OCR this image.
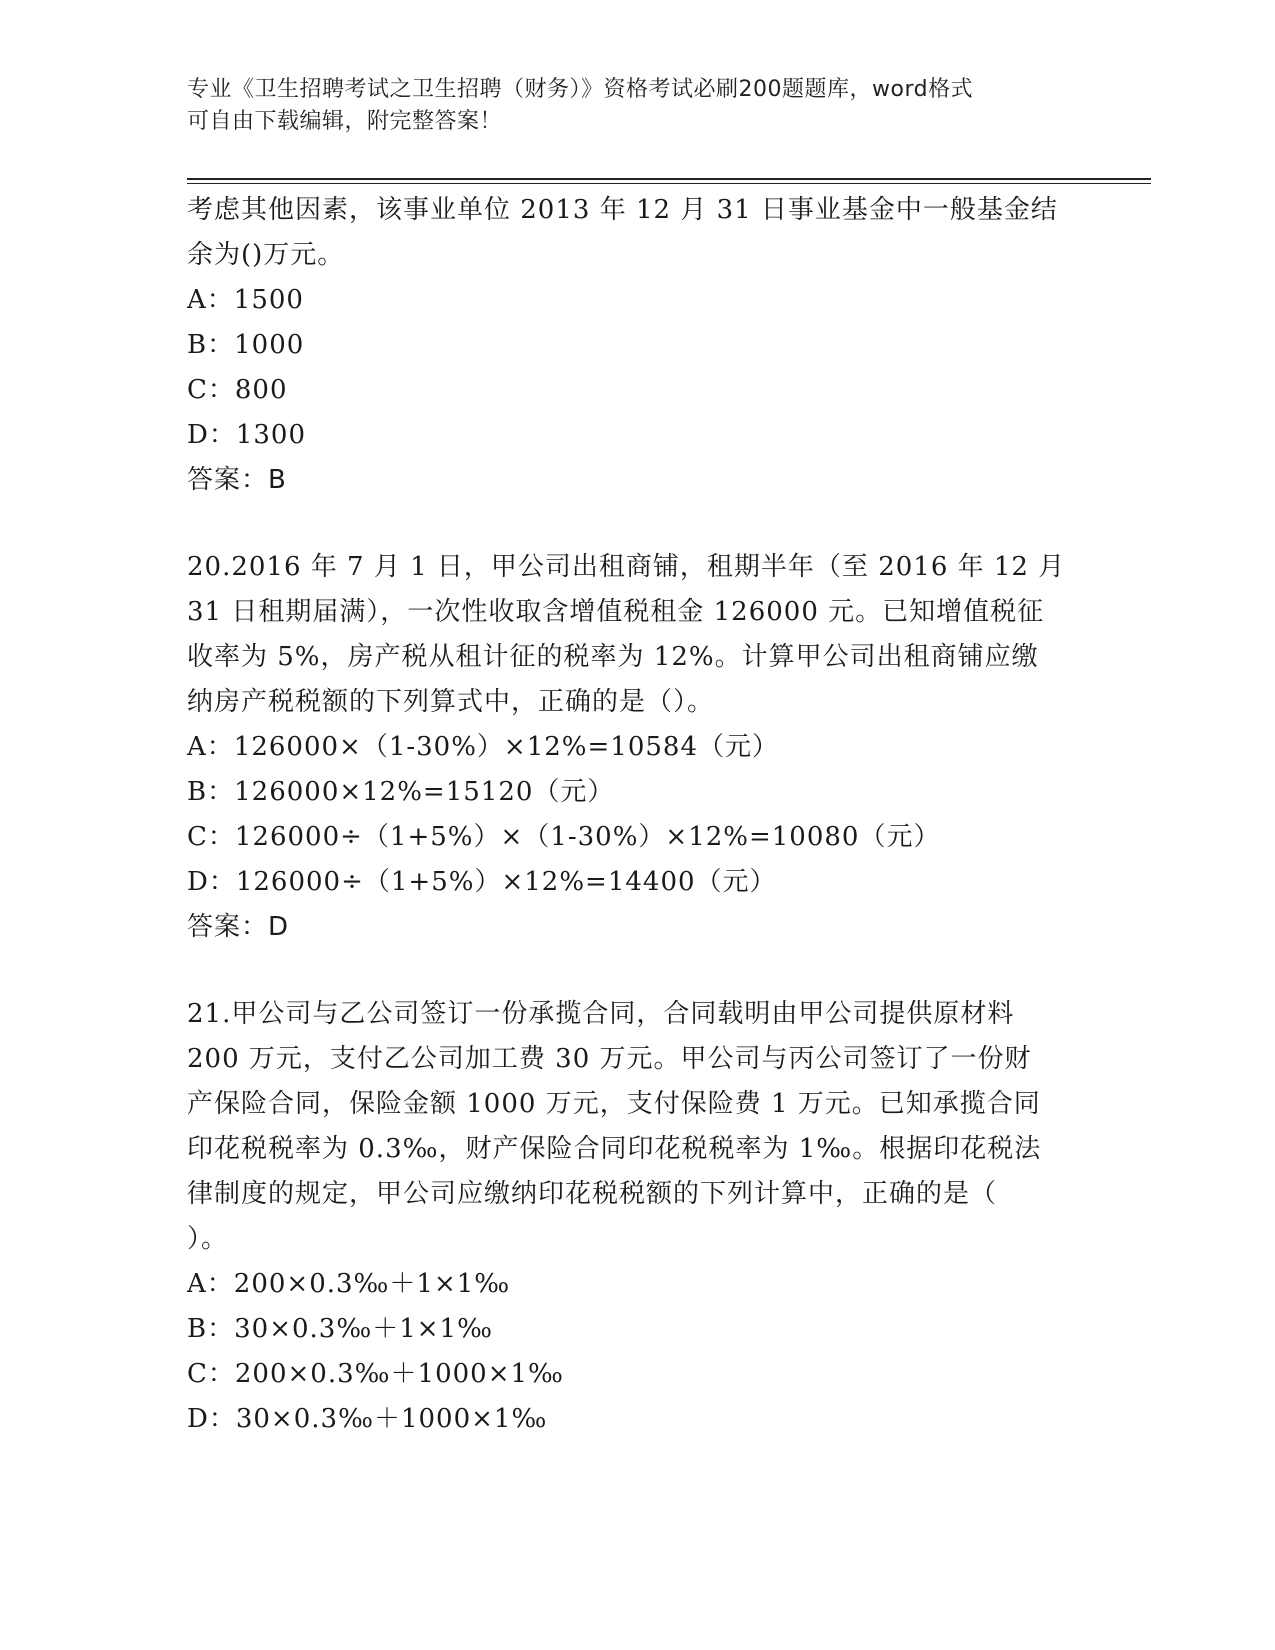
专业《卫生招聘考试之卫生招聘（财务）》资格考试必刷200题题库，word格式
可自由下载编辑，附完整答案！
考虑其他因素，该事业单位 2013 年 12 月 31 日事业基金中一般基金结
余为()万元。
A：1500
B：1000
C：800
D：1300
答案：B
20.2016 年 7 月 1 日，甲公司出租商铺，租期半年（至 2016 年 12 月
31 日租期届满），一次性收取含增值税租金 126000 元。已知增值税征
收率为 5%，房产税从租计征的税率为 12%。计算甲公司出租商铺应缴
纳房产税税额的下列算式中，正确的是（）。
A：126000×（1-30%）×12%=10584（元）
B：126000×12%=15120（元）
C：126000÷（1+5%）×（1-30%）×12%=10080（元）
D：126000÷（1+5%）×12%=14400（元）
答案：D
21.甲公司与乙公司签订一份承揽合同，合同载明由甲公司提供原材料
200 万元，支付乙公司加工费 30 万元。甲公司与丙公司签订了一份财
产保险合同，保险金额 1000 万元，支付保险费 1 万元。已知承揽合同
印花税税率为 0.3‰，财产保险合同印花税税率为 1‰。根据印花税法
律制度的规定，甲公司应缴纳印花税税额的下列计算中，正确的是（
）。
A：200×0.3‰＋1×1‰
B：30×0.3‰＋1×1‰
C：200×0.3‰＋1000×1‰
D：30×0.3‰＋1000×1‰
